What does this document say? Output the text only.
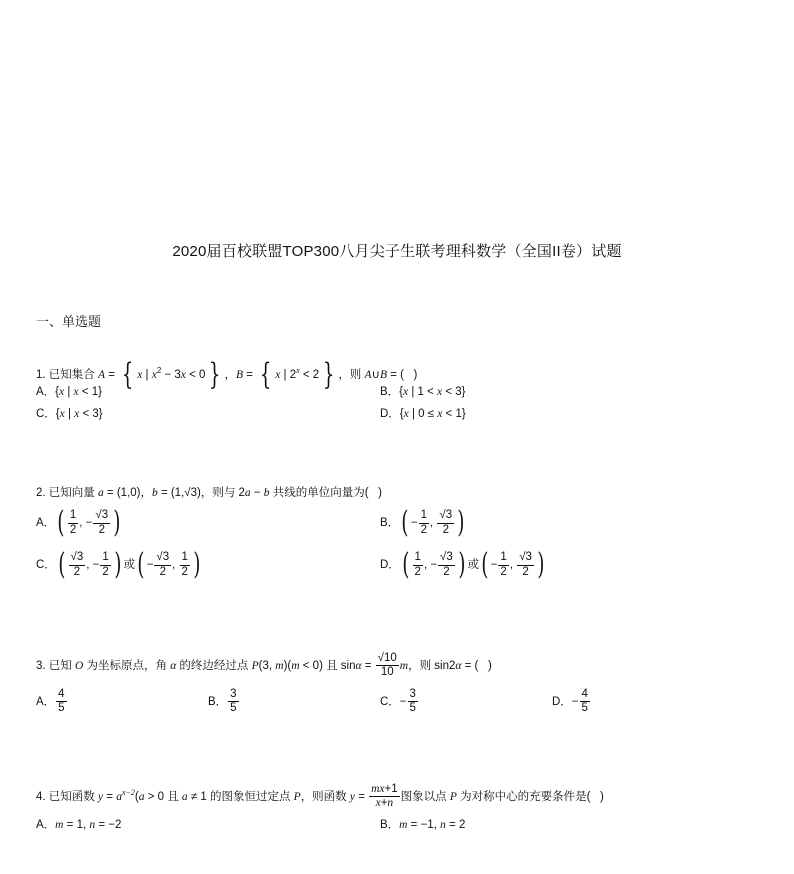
2020届百校联盟TOP300八月尖子生联考理科数学（全国II卷）试题
一、单选题
1. 已知集合 A = { x | $x^2 - 3x < 0$ } ，B = { x | $2^x < 2$ } ，则 A∪B = (   )
A．{x | x < 1}	B．{x | 1 < x < 3}
C．{x | x < 3}	D．{x | 0 ≤ x < 1}
2. 已知向量 a = (1,0)，b = (1,√3)，则与 2a − b 共线的单位向量为(   )
A．( $\frac{1}{2}$ , − $\frac{√3}{2}$ )	B．( − $\frac{1}{2}$ , $\frac{√3}{2}$ )
C．( $\frac{√3}{2}$ , − $\frac{1}{2}$ ) 或( − $\frac{√3}{2}$ , $\frac{1}{2}$ )	D．( $\frac{1}{2}$ , − $\frac{√3}{2}$ ) 或( − $\frac{1}{2}$ , $\frac{√3}{2}$ )
3. 已知 O 为坐标原点，角 α 的终边经过点 P(3, m)(m < 0) 且 $\sin\alpha = \frac{√10}{10}$ m，则 sin2α = (   )
A． $\frac{4}{5}$	B． $\frac{3}{5}$	C．− $\frac{3}{5}$	D．− $\frac{4}{5}$
4. 已知函数 $y = a^{x-2}(a > 0$ 且 a ≠ 1 的图象恒过定点 P，则函数 $y = \frac{mx+1}{x+n}$ 图象以点 P 为对称中心的充要条件是(   )
A．m = 1, n = −2	B．m = −1, n = 2
